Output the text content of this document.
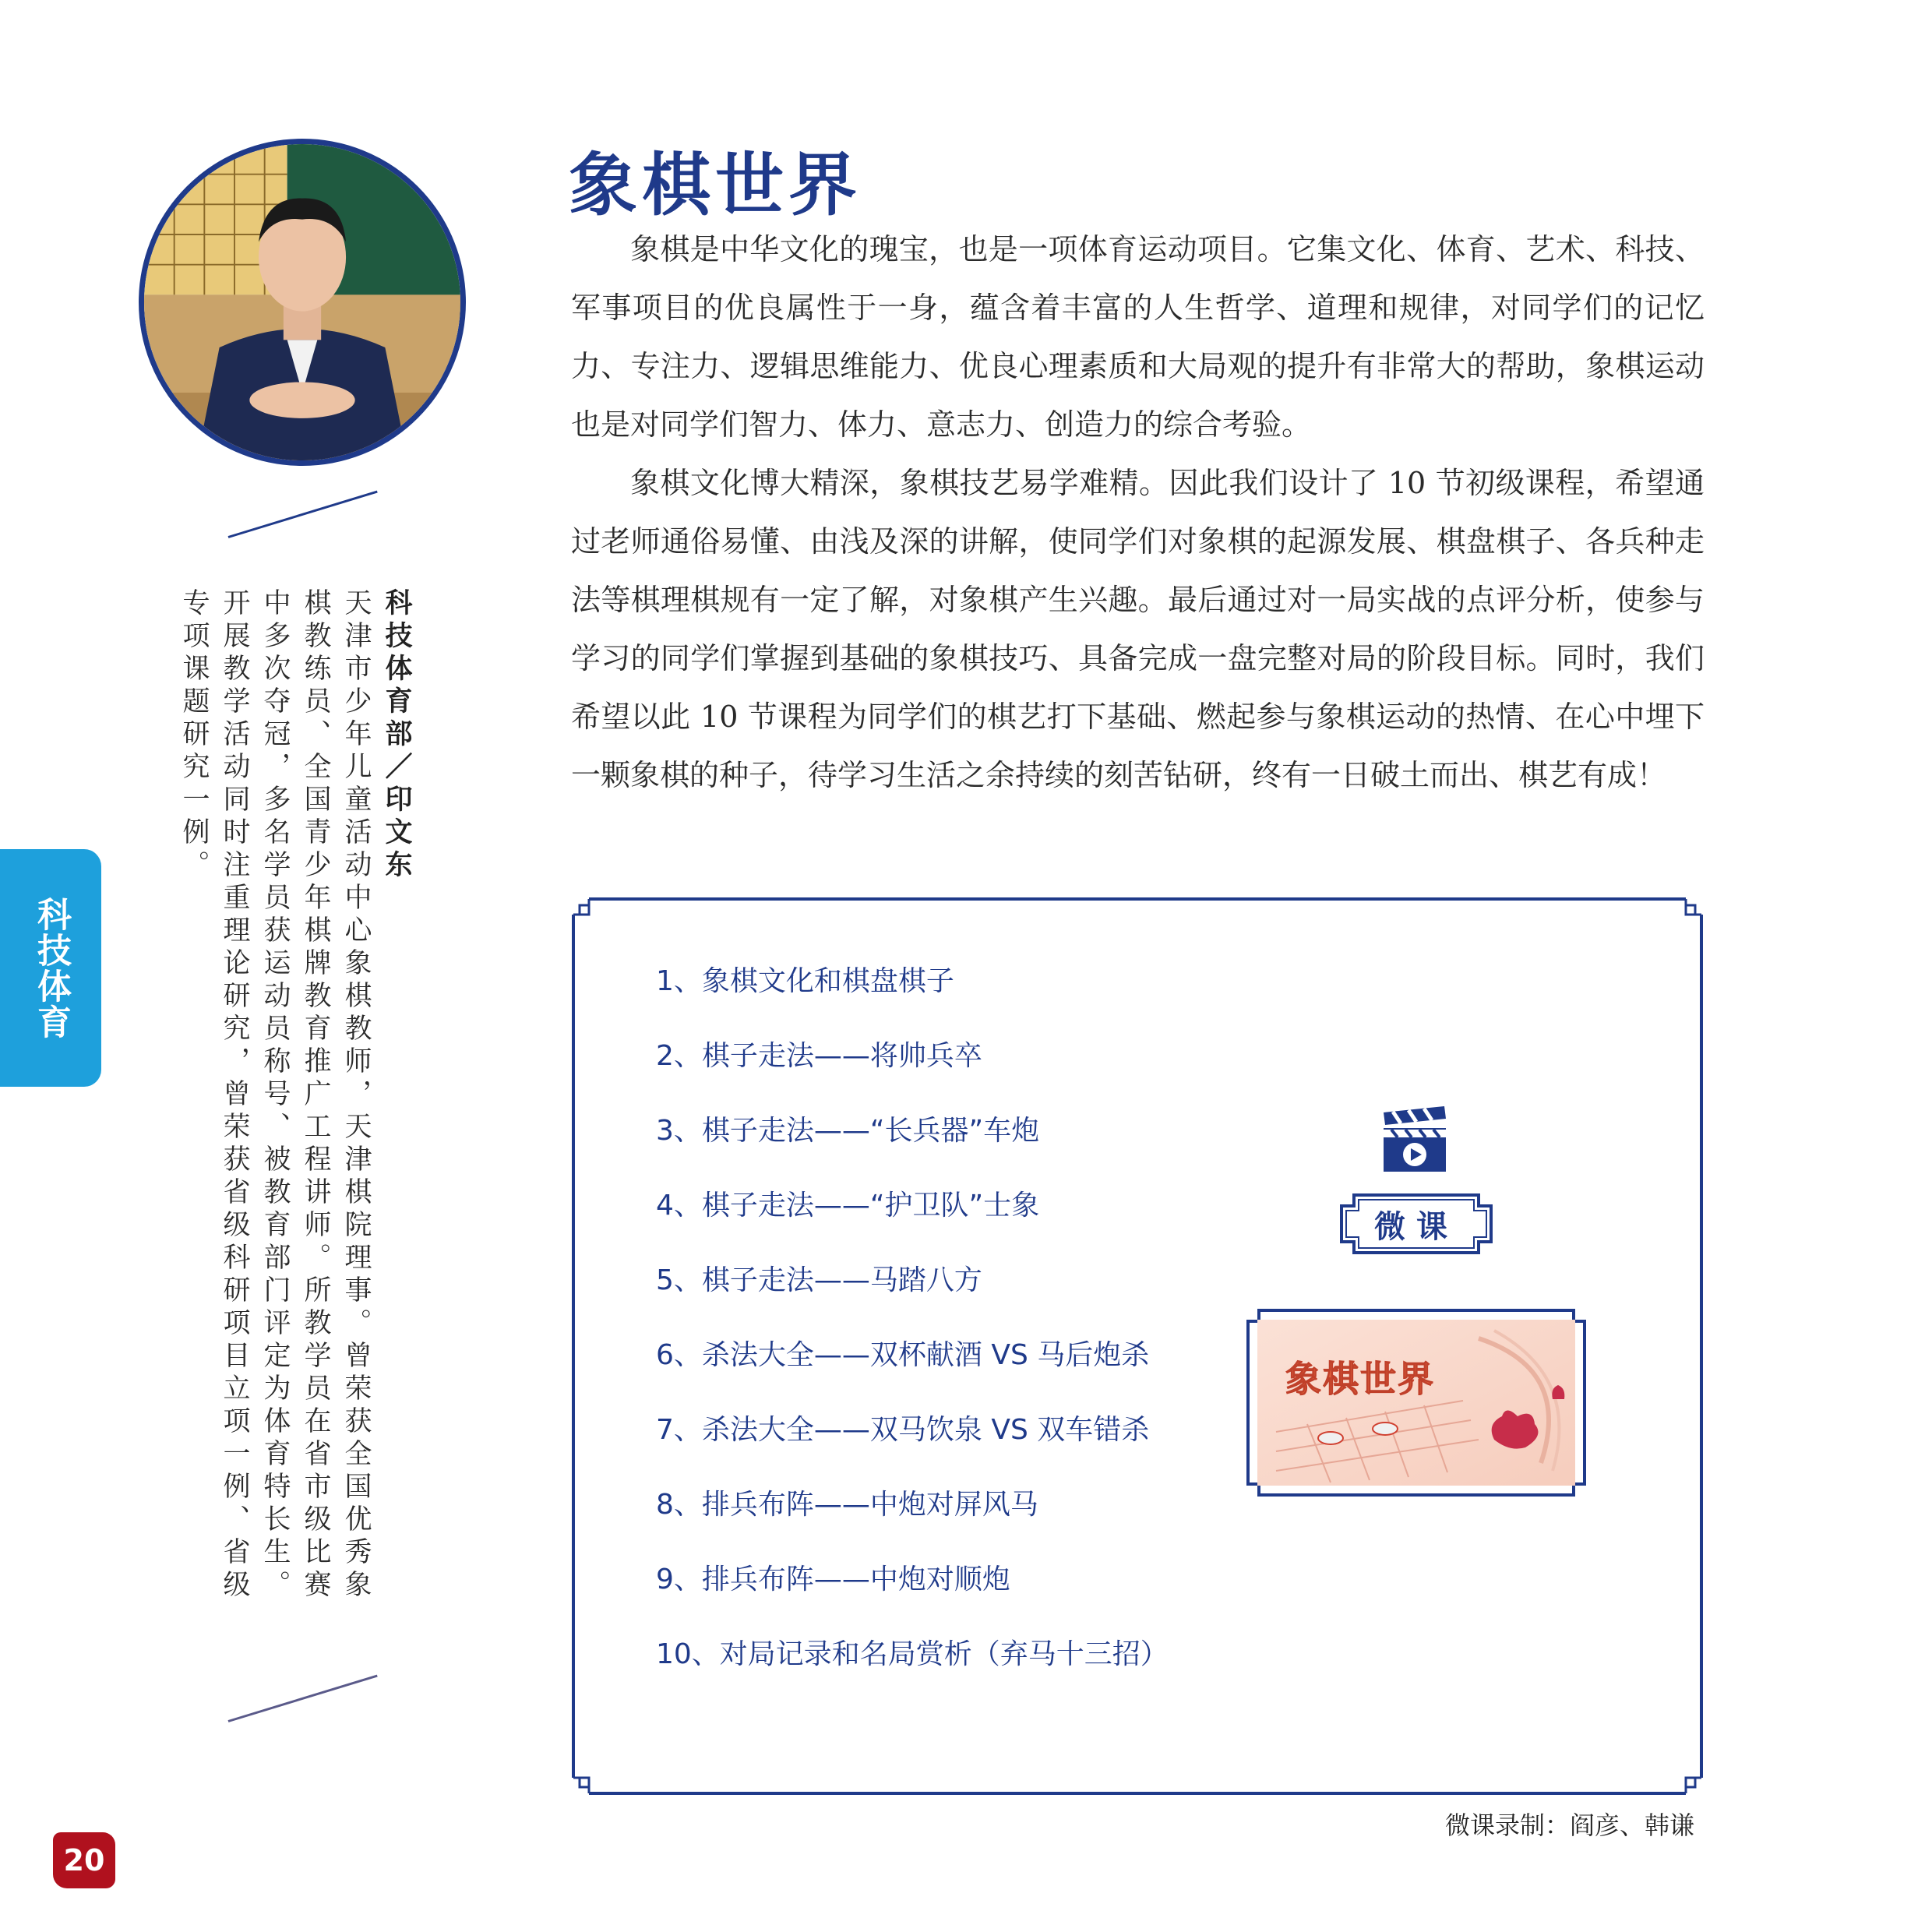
科技体育部／印文东
天津市少年儿童活动中心象棋教师，天津棋院理事。曾荣获全国优秀象棋教练员、全国青少年棋牌教育推广工程讲师。所教学员在省市级比赛中多次夺冠，多名学员获运动员称号、被教育部门评定为体育特长生。开展教学活动同时注重理论研究，曾荣获省级科研项目立项一例、省级专项课题研究一例。
科技体育
20
象棋世界

象棋是中华文化的瑰宝，也是一项体育运动项目。它集文化、体育、艺术、科技、军事项目的优良属性于一身，蕴含着丰富的人生哲学、道理和规律，对同学们的记忆力、专注力、逻辑思维能力、优良心理素质和大局观的提升有非常大的帮助，象棋运动也是对同学们智力、体力、意志力、创造力的综合考验。

象棋文化博大精深，象棋技艺易学难精。因此我们设计了 10 节初级课程，希望通过老师通俗易懂、由浅及深的讲解，使同学们对象棋的起源发展、棋盘棋子、各兵种走法等棋理棋规有一定了解，对象棋产生兴趣。最后通过对一局实战的点评分析，使参与学习的同学们掌握到基础的象棋技巧、具备完成一盘完整对局的阶段目标。同时，我们希望以此 10 节课程为同学们的棋艺打下基础、燃起参与象棋运动的热情、在心中埋下一颗象棋的种子，待学习生活之余持续的刻苦钻研，终有一日破土而出、棋艺有成！

1、象棋文化和棋盘棋子
2、棋子走法——将帅兵卒
3、棋子走法——“长兵器”车炮
4、棋子走法——“护卫队”士象
5、棋子走法——马踏八方
6、杀法大全——双杯献酒 VS 马后炮杀
7、杀法大全——双马饮泉 VS 双车错杀
8、排兵布阵——中炮对屏风马
9、排兵布阵——中炮对顺炮
10、对局记录和名局赏析（弃马十三招）
微课
象棋世界
微课录制：阎彦、韩谦
